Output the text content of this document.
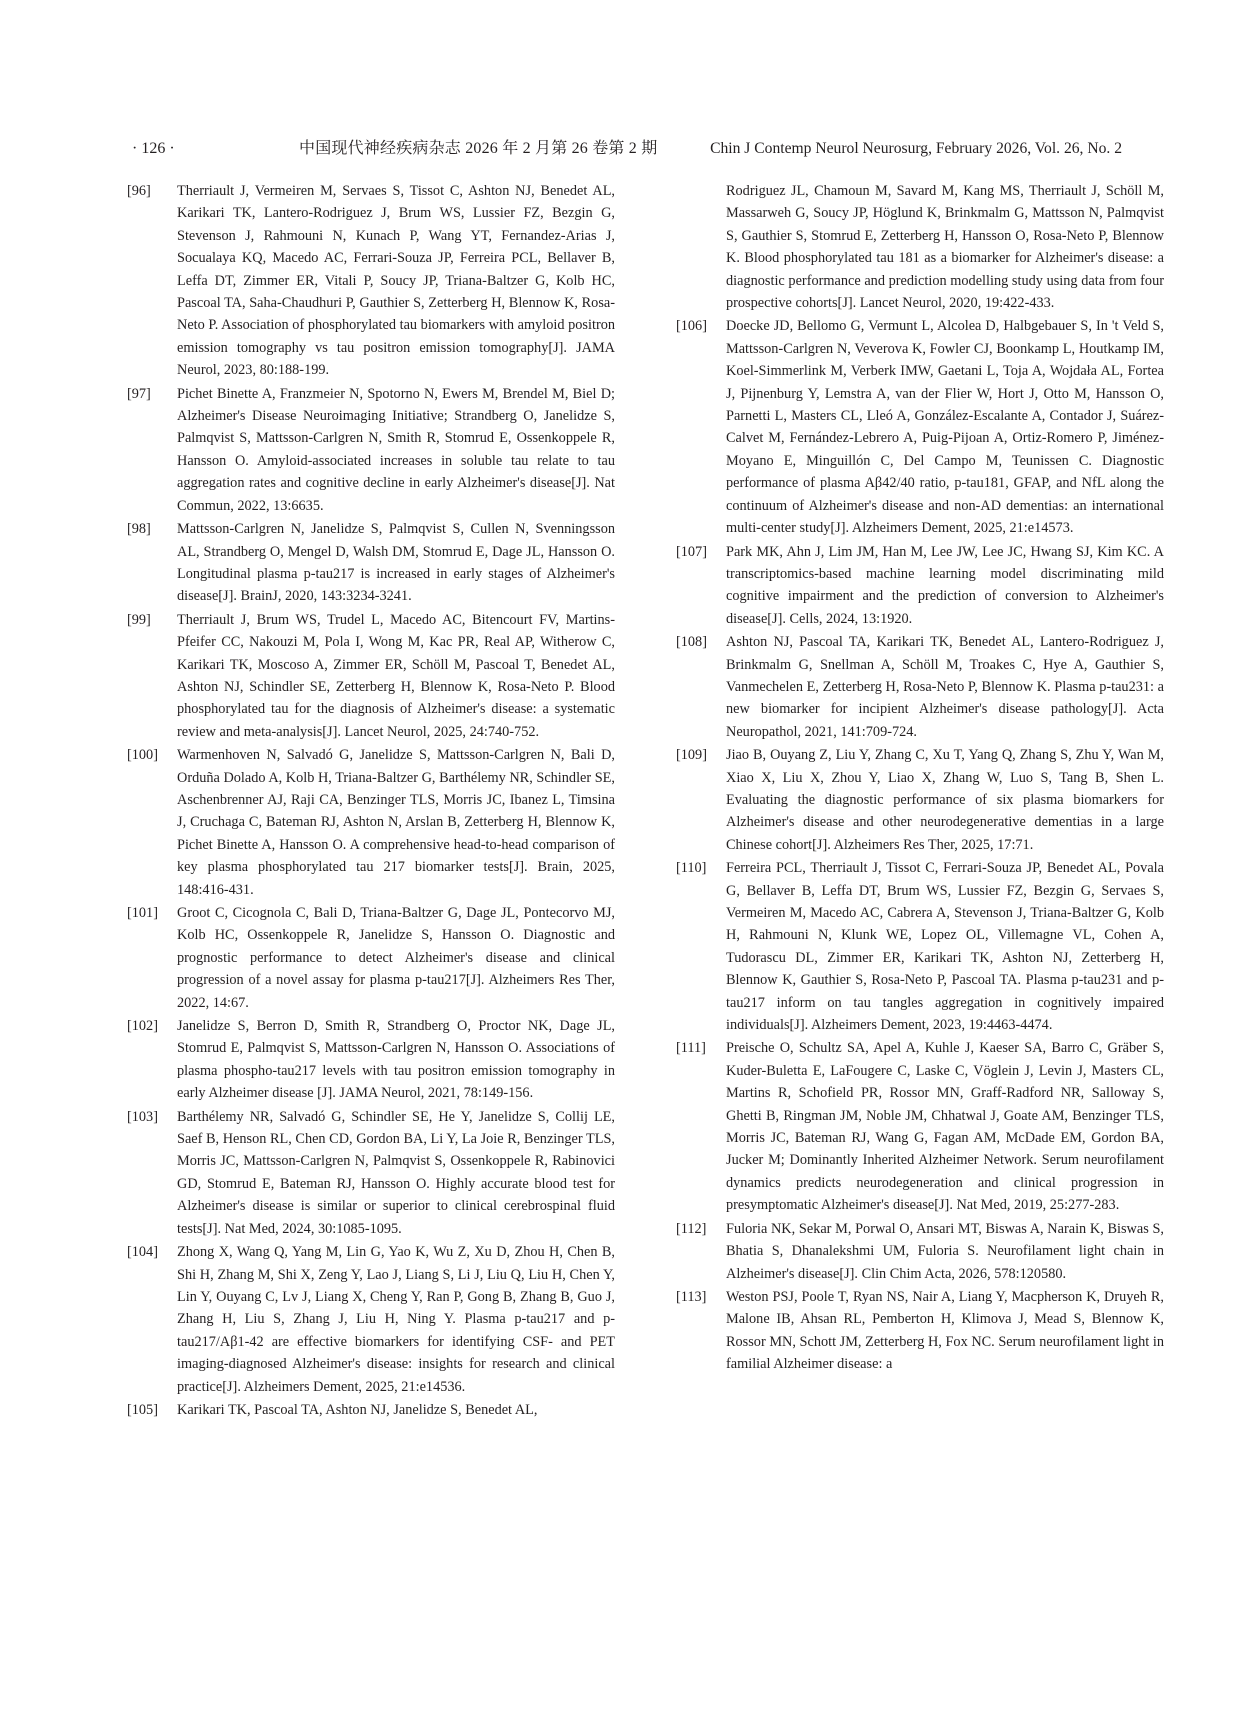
· 126 ·	中国现代神经疾病杂志 2026 年 2 月第 26 卷第 2 期	Chin J Contemp Neurol Neurosurg, February 2026, Vol. 26, No. 2
[96] Therriault J, Vermeiren M, Servaes S, Tissot C, Ashton NJ, Benedet AL, Karikari TK, Lantero-Rodriguez J, Brum WS, Lussier FZ, Bezgin G, Stevenson J, Rahmouni N, Kunach P, Wang YT, Fernandez-Arias J, Socualaya KQ, Macedo AC, Ferrari-Souza JP, Ferreira PCL, Bellaver B, Leffa DT, Zimmer ER, Vitali P, Soucy JP, Triana-Baltzer G, Kolb HC, Pascoal TA, Saha-Chaudhuri P, Gauthier S, Zetterberg H, Blennow K, Rosa-Neto P. Association of phosphorylated tau biomarkers with amyloid positron emission tomography vs tau positron emission tomography[J]. JAMA Neurol, 2023, 80:188-199.
[97] Pichet Binette A, Franzmeier N, Spotorno N, Ewers M, Brendel M, Biel D; Alzheimer's Disease Neuroimaging Initiative; Strandberg O, Janelidze S, Palmqvist S, Mattsson-Carlgren N, Smith R, Stomrud E, Ossenkoppele R, Hansson O. Amyloid-associated increases in soluble tau relate to tau aggregation rates and cognitive decline in early Alzheimer's disease[J]. Nat Commun, 2022, 13:6635.
[98] Mattsson-Carlgren N, Janelidze S, Palmqvist S, Cullen N, Svenningsson AL, Strandberg O, Mengel D, Walsh DM, Stomrud E, Dage JL, Hansson O. Longitudinal plasma p-tau217 is increased in early stages of Alzheimer's disease[J]. BrainJ, 2020, 143:3234-3241.
[99] Therriault J, Brum WS, Trudel L, Macedo AC, Bitencourt FV, Martins-Pfeifer CC, Nakouzi M, Pola I, Wong M, Kac PR, Real AP, Witherow C, Karikari TK, Moscoso A, Zimmer ER, Schöll M, Pascoal T, Benedet AL, Ashton NJ, Schindler SE, Zetterberg H, Blennow K, Rosa-Neto P. Blood phosphorylated tau for the diagnosis of Alzheimer's disease: a systematic review and meta-analysis[J]. Lancet Neurol, 2025, 24:740-752.
[100] Warmenhoven N, Salvadó G, Janelidze S, Mattsson-Carlgren N, Bali D, Orduña Dolado A, Kolb H, Triana-Baltzer G, Barthélemy NR, Schindler SE, Aschenbrenner AJ, Raji CA, Benzinger TLS, Morris JC, Ibanez L, Timsina J, Cruchaga C, Bateman RJ, Ashton N, Arslan B, Zetterberg H, Blennow K, Pichet Binette A, Hansson O. A comprehensive head-to-head comparison of key plasma phosphorylated tau 217 biomarker tests[J]. Brain, 2025, 148:416-431.
[101] Groot C, Cicognola C, Bali D, Triana-Baltzer G, Dage JL, Pontecorvo MJ, Kolb HC, Ossenkoppele R, Janelidze S, Hansson O. Diagnostic and prognostic performance to detect Alzheimer's disease and clinical progression of a novel assay for plasma p-tau217[J]. Alzheimers Res Ther, 2022, 14:67.
[102] Janelidze S, Berron D, Smith R, Strandberg O, Proctor NK, Dage JL, Stomrud E, Palmqvist S, Mattsson-Carlgren N, Hansson O. Associations of plasma phospho-tau217 levels with tau positron emission tomography in early Alzheimer disease [J]. JAMA Neurol, 2021, 78:149-156.
[103] Barthélemy NR, Salvadó G, Schindler SE, He Y, Janelidze S, Collij LE, Saef B, Henson RL, Chen CD, Gordon BA, Li Y, La Joie R, Benzinger TLS, Morris JC, Mattsson-Carlgren N, Palmqvist S, Ossenkoppele R, Rabinovici GD, Stomrud E, Bateman RJ, Hansson O. Highly accurate blood test for Alzheimer's disease is similar or superior to clinical cerebrospinal fluid tests[J]. Nat Med, 2024, 30:1085-1095.
[104] Zhong X, Wang Q, Yang M, Lin G, Yao K, Wu Z, Xu D, Zhou H, Chen B, Shi H, Zhang M, Shi X, Zeng Y, Lao J, Liang S, Li J, Liu Q, Liu H, Chen Y, Lin Y, Ouyang C, Lv J, Liang X, Cheng Y, Ran P, Gong B, Zhang B, Guo J, Zhang H, Liu S, Zhang J, Liu H, Ning Y. Plasma p-tau217 and p-tau217/Aβ1-42 are effective biomarkers for identifying CSF- and PET imaging-diagnosed Alzheimer's disease: insights for research and clinical practice[J]. Alzheimers Dement, 2025, 21:e14536.
[105] Karikari TK, Pascoal TA, Ashton NJ, Janelidze S, Benedet AL,
Rodriguez JL, Chamoun M, Savard M, Kang MS, Therriault J, Schöll M, Massarweh G, Soucy JP, Höglund K, Brinkmalm G, Mattsson N, Palmqvist S, Gauthier S, Stomrud E, Zetterberg H, Hansson O, Rosa-Neto P, Blennow K. Blood phosphorylated tau 181 as a biomarker for Alzheimer's disease: a diagnostic performance and prediction modelling study using data from four prospective cohorts[J]. Lancet Neurol, 2020, 19:422-433.
[106] Doecke JD, Bellomo G, Vermunt L, Alcolea D, Halbgebauer S, In 't Veld S, Mattsson-Carlgren N, Veverova K, Fowler CJ, Boonkamp L, Houtkamp IM, Koel-Simmerlink M, Verberk IMW, Gaetani L, Toja A, Wojdała AL, Fortea J, Pijnenburg Y, Lemstra A, van der Flier W, Hort J, Otto M, Hansson O, Parnetti L, Masters CL, Lleó A, González-Escalante A, Contador J, Suárez-Calvet M, Fernández-Lebrero A, Puig-Pijoan A, Ortiz-Romero P, Jiménez-Moyano E, Minguillón C, Del Campo M, Teunissen C. Diagnostic performance of plasma Aβ42/40 ratio, p-tau181, GFAP, and NfL along the continuum of Alzheimer's disease and non-AD dementias: an international multi-center study[J]. Alzheimers Dement, 2025, 21:e14573.
[107] Park MK, Ahn J, Lim JM, Han M, Lee JW, Lee JC, Hwang SJ, Kim KC. A transcriptomics-based machine learning model discriminating mild cognitive impairment and the prediction of conversion to Alzheimer's disease[J]. Cells, 2024, 13:1920.
[108] Ashton NJ, Pascoal TA, Karikari TK, Benedet AL, Lantero-Rodriguez J, Brinkmalm G, Snellman A, Schöll M, Troakes C, Hye A, Gauthier S, Vanmechelen E, Zetterberg H, Rosa-Neto P, Blennow K. Plasma p-tau231: a new biomarker for incipient Alzheimer's disease pathology[J]. Acta Neuropathol, 2021, 141:709-724.
[109] Jiao B, Ouyang Z, Liu Y, Zhang C, Xu T, Yang Q, Zhang S, Zhu Y, Wan M, Xiao X, Liu X, Zhou Y, Liao X, Zhang W, Luo S, Tang B, Shen L. Evaluating the diagnostic performance of six plasma biomarkers for Alzheimer's disease and other neurodegenerative dementias in a large Chinese cohort[J]. Alzheimers Res Ther, 2025, 17:71.
[110] Ferreira PCL, Therriault J, Tissot C, Ferrari-Souza JP, Benedet AL, Povala G, Bellaver B, Leffa DT, Brum WS, Lussier FZ, Bezgin G, Servaes S, Vermeiren M, Macedo AC, Cabrera A, Stevenson J, Triana-Baltzer G, Kolb H, Rahmouni N, Klunk WE, Lopez OL, Villemagne VL, Cohen A, Tudorascu DL, Zimmer ER, Karikari TK, Ashton NJ, Zetterberg H, Blennow K, Gauthier S, Rosa-Neto P, Pascoal TA. Plasma p-tau231 and p-tau217 inform on tau tangles aggregation in cognitively impaired individuals[J]. Alzheimers Dement, 2023, 19:4463-4474.
[111] Preische O, Schultz SA, Apel A, Kuhle J, Kaeser SA, Barro C, Gräber S, Kuder-Buletta E, LaFougere C, Laske C, Vöglein J, Levin J, Masters CL, Martins R, Schofield PR, Rossor MN, Graff-Radford NR, Salloway S, Ghetti B, Ringman JM, Noble JM, Chhatwal J, Goate AM, Benzinger TLS, Morris JC, Bateman RJ, Wang G, Fagan AM, McDade EM, Gordon BA, Jucker M; Dominantly Inherited Alzheimer Network. Serum neurofilament dynamics predicts neurodegeneration and clinical progression in presymptomatic Alzheimer's disease[J]. Nat Med, 2019, 25:277-283.
[112] Fuloria NK, Sekar M, Porwal O, Ansari MT, Biswas A, Narain K, Biswas S, Bhatia S, Dhanalekshmi UM, Fuloria S. Neurofilament light chain in Alzheimer's disease[J]. Clin Chim Acta, 2026, 578:120580.
[113] Weston PSJ, Poole T, Ryan NS, Nair A, Liang Y, Macpherson K, Druyeh R, Malone IB, Ahsan RL, Pemberton H, Klimova J, Mead S, Blennow K, Rossor MN, Schott JM, Zetterberg H, Fox NC. Serum neurofilament light in familial Alzheimer disease: a
